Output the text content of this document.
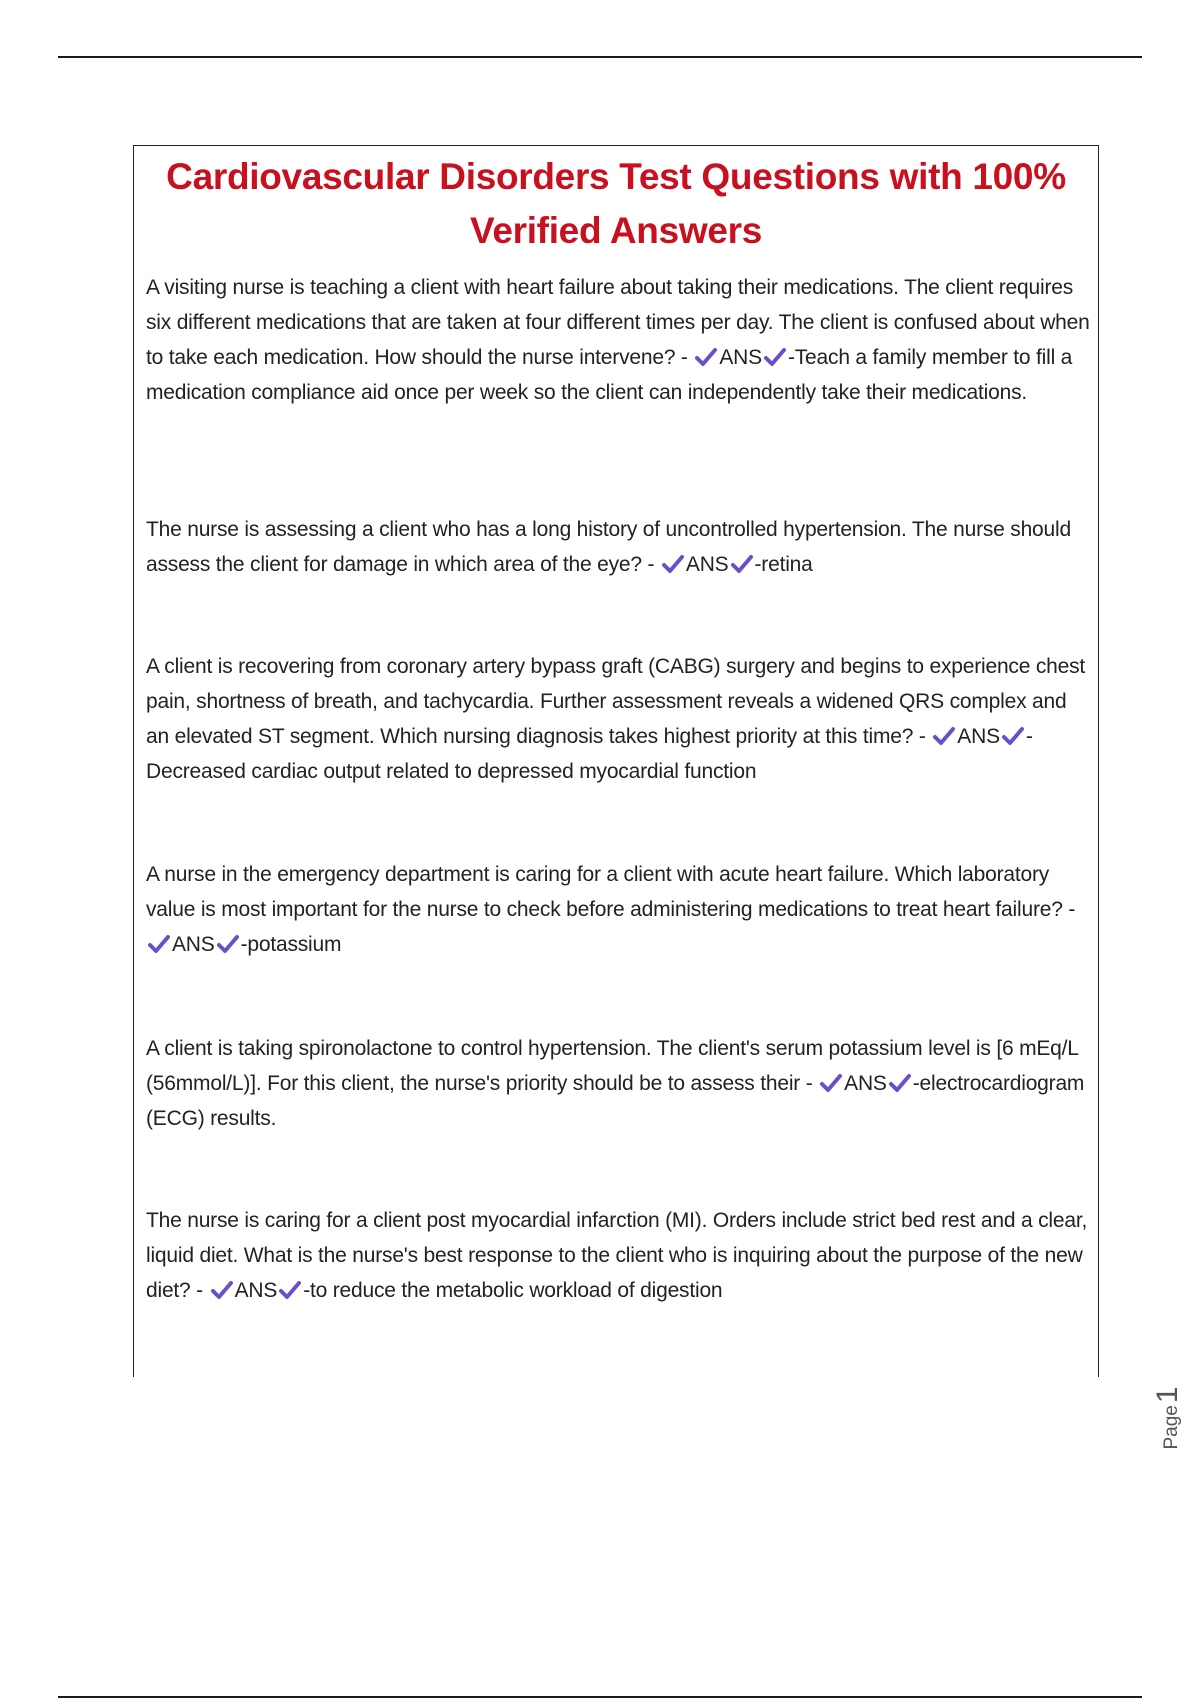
Cardiovascular Disorders Test Questions with 100% Verified Answers

A visiting nurse is teaching a client with heart failure about taking their medications. The client requires six different medications that are taken at four different times per day. The client is confused about when to take each medication. How should the nurse intervene? - ANS -Teach a family member to fill a medication compliance aid once per week so the client can independently take their medications.

The nurse is assessing a client who has a long history of uncontrolled hypertension. The nurse should assess the client for damage in which area of the eye? - ANS -retina

A client is recovering from coronary artery bypass graft (CABG) surgery and begins to experience chest pain, shortness of breath, and tachycardia. Further assessment reveals a widened QRS complex and an elevated ST segment. Which nursing diagnosis takes highest priority at this time? - ANS -Decreased cardiac output related to depressed myocardial function

A nurse in the emergency department is caring for a client with acute heart failure. Which laboratory value is most important for the nurse to check before administering medications to treat heart failure? -
ANS -potassium

A client is taking spironolactone to control hypertension. The client's serum potassium level is [6 mEq/L (56mmol/L)]. For this client, the nurse's priority should be to assess their - ANS -electrocardiogram (ECG) results.

The nurse is caring for a client post myocardial infarction (MI). Orders include strict bed rest and a clear, liquid diet. What is the nurse's best response to the client who is inquiring about the purpose of the new diet? - ANS -to reduce the metabolic workload of digestion

Page1
